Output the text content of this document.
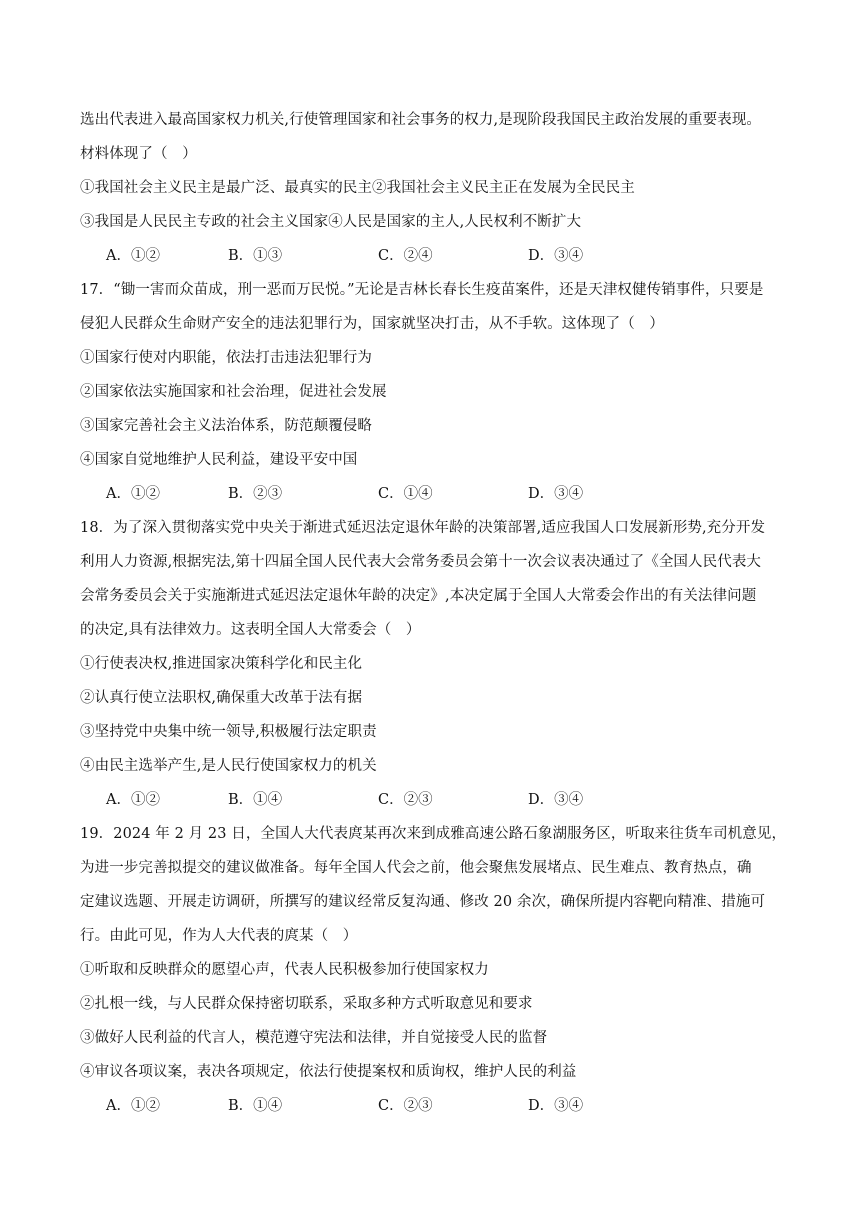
选出代表进入最高国家权力机关,行使管理国家和社会事务的权力,是现阶段我国民主政治发展的重要表现。
材料体现了（　）
①我国社会主义民主是最广泛、最真实的民主②我国社会主义民主正在发展为全民民主
③我国是人民民主专政的社会主义国家④人民是国家的主人,人民权利不断扩大
A．①②	B．①③	C．②④	D．③④
17．“锄一害而众苗成，刑一恶而万民悦。”无论是吉林长春长生疫苗案件，还是天津权健传销事件，只要是
侵犯人民群众生命财产安全的违法犯罪行为，国家就坚决打击，从不手软。这体现了（　）
①国家行使对内职能，依法打击违法犯罪行为
②国家依法实施国家和社会治理，促进社会发展
③国家完善社会主义法治体系，防范颠覆侵略
④国家自觉地维护人民利益，建设平安中国
A．①②	B．②③	C．①④	D．③④
18．为了深入贯彻落实党中央关于渐进式延迟法定退休年龄的决策部署,适应我国人口发展新形势,充分开发
利用人力资源,根据宪法,第十四届全国人民代表大会常务委员会第十一次会议表决通过了《全国人民代表大
会常务委员会关于实施渐进式延迟法定退休年龄的决定》,本决定属于全国人大常委会作出的有关法律问题
的决定,具有法律效力。这表明全国人大常委会（　）
①行使表决权,推进国家决策科学化和民主化
②认真行使立法职权,确保重大改革于法有据
③坚持党中央集中统一领导,积极履行法定职责
④由民主选举产生,是人民行使国家权力的机关
A．①②	B．①④	C．②③	D．③④
19．2024 年 2 月 23 日，全国人大代表庹某再次来到成雅高速公路石象湖服务区，听取来往货车司机意见，
为进一步完善拟提交的建议做准备。每年全国人代会之前，他会聚焦发展堵点、民生难点、教育热点，确
定建议选题、开展走访调研，所撰写的建议经常反复沟通、修改 20 余次，确保所提内容靶向精准、措施可
行。由此可见，作为人大代表的庹某（　）
①听取和反映群众的愿望心声，代表人民积极参加行使国家权力
②扎根一线，与人民群众保持密切联系，采取多种方式听取意见和要求
③做好人民利益的代言人，模范遵守宪法和法律，并自觉接受人民的监督
④审议各项议案，表决各项规定，依法行使提案权和质询权，维护人民的利益
A．①②	B．①④	C．②③	D．③④
